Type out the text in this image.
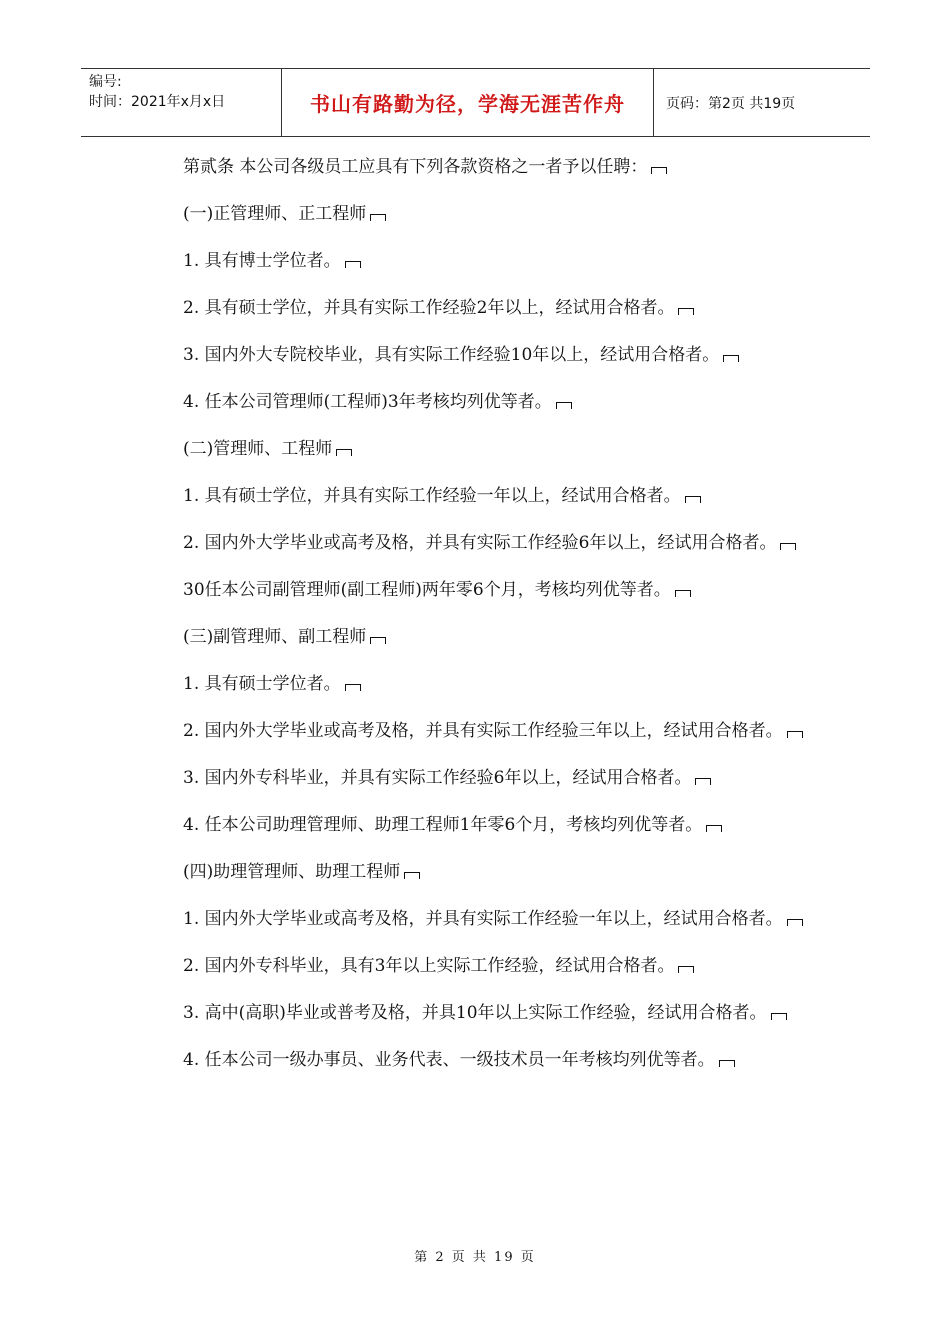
编号:
时间：2021年x月x日	书山有路勤为径，学海无涯苦作舟	页码：第2页 共19页

第贰条 本公司各级员工应具有下列各款资格之一者予以任聘：

(一)正管理师、正工程师

1. 具有博士学位者。

2. 具有硕士学位，并具有实际工作经验2年以上，经试用合格者。

3. 国内外大专院校毕业，具有实际工作经验10年以上，经试用合格者。

4. 任本公司管理师(工程师)3年考核均列优等者。

(二)管理师、工程师

1. 具有硕士学位，并具有实际工作经验一年以上，经试用合格者。

2. 国内外大学毕业或高考及格，并具有实际工作经验6年以上，经试用合格者。

30任本公司副管理师(副工程师)两年零6个月，考核均列优等者。

(三)副管理师、副工程师

1. 具有硕士学位者。

2. 国内外大学毕业或高考及格，并具有实际工作经验三年以上，经试用合格者。

3. 国内外专科毕业，并具有实际工作经验6年以上，经试用合格者。

4. 任本公司助理管理师、助理工程师1年零6个月，考核均列优等者。

(四)助理管理师、助理工程师

1. 国内外大学毕业或高考及格，并具有实际工作经验一年以上，经试用合格者。

2. 国内外专科毕业，具有3年以上实际工作经验，经试用合格者。

3. 高中(高职)毕业或普考及格，并具10年以上实际工作经验，经试用合格者。

4. 任本公司一级办事员、业务代表、一级技术员一年考核均列优等者。

第 2 页 共 19 页
